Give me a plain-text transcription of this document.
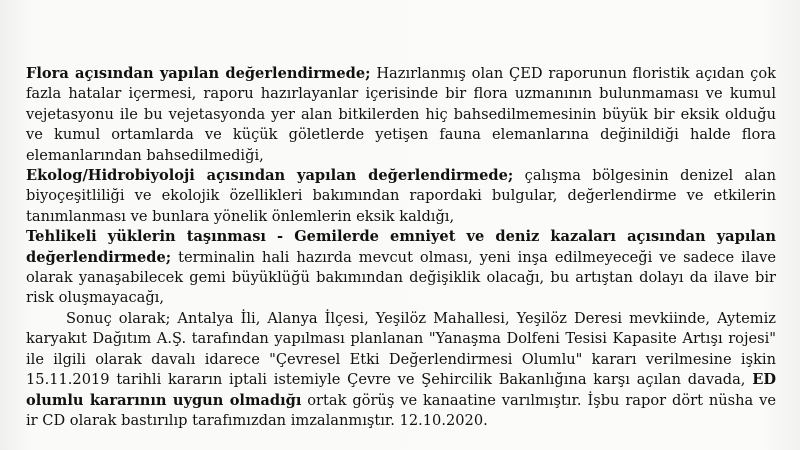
Flora açısından yapılan değerlendirmede; Hazırlanmış olan ÇED raporunun floristik açıdan çok fazla hatalar içermesi, raporu hazırlayanlar içerisinde bir flora uzmanının bulunmaması ve kumul vejetasyonu ile bu vejetasyonda yer alan bitkilerden hiç bahsedilmemesinin büyük bir eksik olduğu ve kumul ortamlarda ve küçük göletlerde yetişen fauna elemanlarına değinildiği halde flora elemanlarından bahsedilmediği,

Ekolog/Hidrobiyoloji açısından yapılan değerlendirmede; çalışma bölgesinin denizel alan biyoçeşitliliği ve ekolojik özellikleri bakımından rapordaki bulgular, değerlendirme ve etkilerin tanımlanması ve bunlara yönelik önlemlerin eksik kaldığı,

Tehlikeli yüklerin taşınması - Gemilerde emniyet ve deniz kazaları açısından yapılan değerlendirmede; terminalin hali hazırda mevcut olması, yeni inşa edilmeyeceği ve sadece ilave olarak yanaşabilecek gemi büyüklüğü bakımından değişiklik olacağı, bu artıştan dolayı da ilave bir risk oluşmayacağı,

Sonuç olarak; Antalya İli, Alanya İlçesi, Yeşilöz Mahallesi, Yeşilöz Deresi mevkiinde, Aytemiz karyakıt Dağıtım A.Ş. tarafından yapılması planlanan "Yanaşma Dolfeni Tesisi Kapasite Artışı rojesi" ile ilgili olarak davalı idarece "Çevresel Etki Değerlendirmesi Olumlu" kararı verilmesine işkin 15.11.2019 tarihli kararın iptali istemiyle Çevre ve Şehircilik Bakanlığına karşı açılan davada, ED olumlu kararının uygun olmadığı ortak görüş ve kanaatine varılmıştır. İşbu rapor dört nüsha ve ir CD olarak bastırılıp tarafımızdan imzalanmıştır. 12.10.2020.
